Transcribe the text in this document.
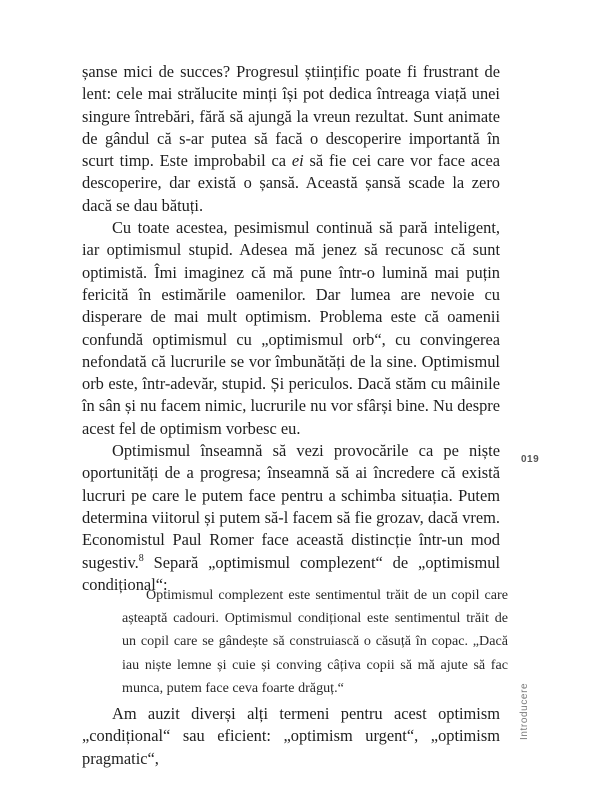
șanse mici de succes? Progresul științific poate fi frustrant de lent: cele mai strălucite minți își pot dedica întreaga viață unei singure întrebări, fără să ajungă la vreun rezultat. Sunt animate de gândul că s-ar putea să facă o descoperire importantă în scurt timp. Este improbabil ca ei să fie cei care vor face acea descoperire, dar există o șansă. Această șansă scade la zero dacă se dau bătuți.

Cu toate acestea, pesimismul continuă să pară inteligent, iar optimismul stupid. Adesea mă jenez să recunosc că sunt optimistă. Îmi imaginez că mă pune într-o lumină mai puțin fericită în estimările oamenilor. Dar lumea are nevoie cu disperare de mai mult optimism. Problema este că oamenii confundă optimismul cu „optimismul orb“, cu convingerea nefondată că lucrurile se vor îmbunătăți de la sine. Optimismul orb este, într-adevăr, stupid. Și periculos. Dacă stăm cu mâinile în sân și nu facem nimic, lucrurile nu vor sfârși bine. Nu despre acest fel de optimism vorbesc eu.

Optimismul înseamnă să vezi provocările ca pe niște oportunități de a progresa; înseamnă să ai încredere că există lucruri pe care le putem face pentru a schimba situația. Putem determina viitorul și putem să-l facem să fie grozav, dacă vrem. Economistul Paul Romer face această distincție într-un mod sugestiv.$^8$ Separă „optimismul complezent“ de „optimismul condițional“:

Optimismul complezent este sentimentul trăit de un copil care așteaptă cadouri. Optimismul condițional este sentimentul trăit de un copil care se gândește să construiască o căsuță în copac. „Dacă iau niște lemne și cuie și conving câțiva copii să mă ajute să fac munca, putem face ceva foarte drăguț.“

Am auzit diverși alți termeni pentru acest optimism „condițional“ sau eficient: „optimism urgent“, „optimism pragmatic“,

019
Introducere
